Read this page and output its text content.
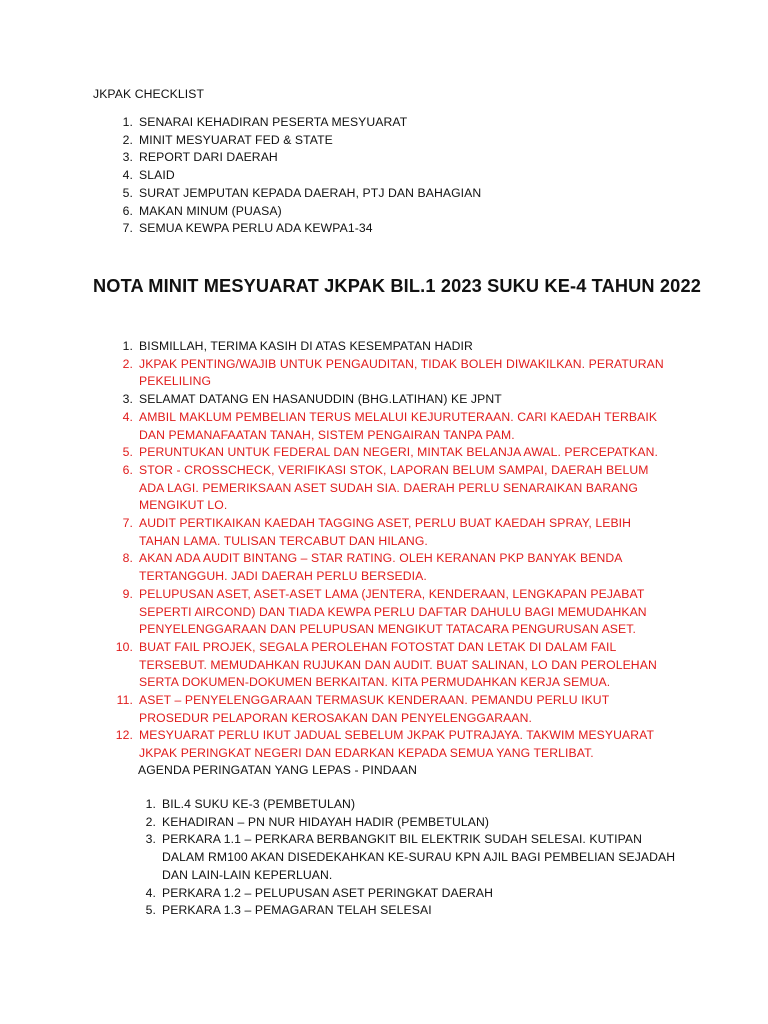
JKPAK CHECKLIST
1. SENARAI KEHADIRAN PESERTA MESYUARAT
2. MINIT MESYUARAT FED & STATE
3. REPORT DARI DAERAH
4. SLAID
5. SURAT JEMPUTAN KEPADA DAERAH, PTJ DAN BAHAGIAN
6. MAKAN MINUM (PUASA)
7. SEMUA KEWPA PERLU ADA KEWPA1-34
NOTA MINIT MESYUARAT JKPAK BIL.1 2023 SUKU KE-4 TAHUN 2022
1. BISMILLAH, TERIMA KASIH DI ATAS KESEMPATAN HADIR
2. JKPAK PENTING/WAJIB UNTUK PENGAUDITAN, TIDAK BOLEH DIWAKILKAN. PERATURAN PEKELILING
3. SELAMAT DATANG EN HASANUDDIN (BHG.LATIHAN) KE JPNT
4. AMBIL MAKLUM PEMBELIAN TERUS MELALUI KEJURUTERAAN. CARI KAEDAH TERBAIK DAN PEMANAFAATAN TANAH, SISTEM PENGAIRAN TANPA PAM.
5. PERUNTUKAN UNTUK FEDERAL DAN NEGERI, MINTAK BELANJA AWAL. PERCEPATKAN.
6. STOR - CROSSCHECK, VERIFIKASI STOK, LAPORAN BELUM SAMPAI, DAERAH BELUM ADA LAGI. PEMERIKSAAN ASET SUDAH SIA. DAERAH PERLU SENARAIKAN BARANG MENGIKUT LO.
7. AUDIT PERTIKAIKAN KAEDAH TAGGING ASET, PERLU BUAT KAEDAH SPRAY, LEBIH TAHAN LAMA. TULISAN TERCABUT DAN HILANG.
8. AKAN ADA AUDIT BINTANG – STAR RATING. OLEH KERANAN PKP BANYAK BENDA TERTANGGUH. JADI DAERAH PERLU BERSEDIA.
9. PELUPUSAN ASET, ASET-ASET LAMA (JENTERA, KENDERAAN, LENGKAPAN PEJABAT SEPERTI AIRCOND) DAN TIADA KEWPA PERLU DAFTAR DAHULU BAGI MEMUDAHKAN PENYELENGGARAAN DAN PELUPUSAN MENGIKUT TATACARA PENGURUSAN ASET.
10. BUAT FAIL PROJEK, SEGALA PEROLEHAN FOTOSTAT DAN LETAK DI DALAM FAIL TERSEBUT. MEMUDAHKAN RUJUKAN DAN AUDIT. BUAT SALINAN, LO DAN PEROLEHAN SERTA DOKUMEN-DOKUMEN BERKAITAN. KITA PERMUDAHKAN KERJA SEMUA.
11. ASET – PENYELENGGARAAN TERMASUK KENDERAAN. PEMANDU PERLU IKUT PROSEDUR PELAPORAN KEROSAKAN DAN PENYELENGGARAAN.
12. MESYUARAT PERLU IKUT JADUAL SEBELUM JKPAK PUTRAJAYA. TAKWIM MESYUARAT JKPAK PERINGKAT NEGERI DAN EDARKAN KEPADA SEMUA YANG TERLIBAT.
AGENDA PERINGATAN YANG LEPAS - PINDAAN
1. BIL.4 SUKU KE-3 (PEMBETULAN)
2. KEHADIRAN – PN NUR HIDAYAH HADIR (PEMBETULAN)
3. PERKARA 1.1 – PERKARA BERBANGKIT BIL ELEKTRIK SUDAH SELESAI. KUTIPAN DALAM RM100 AKAN DISEDEKAHKAN KE-SURAU KPN AJIL BAGI PEMBELIAN SEJADAH DAN LAIN-LAIN KEPERLUAN.
4. PERKARA 1.2 – PELUPUSAN ASET PERINGKAT DAERAH
5. PERKARA 1.3 – PEMAGARAN TELAH SELESAI
